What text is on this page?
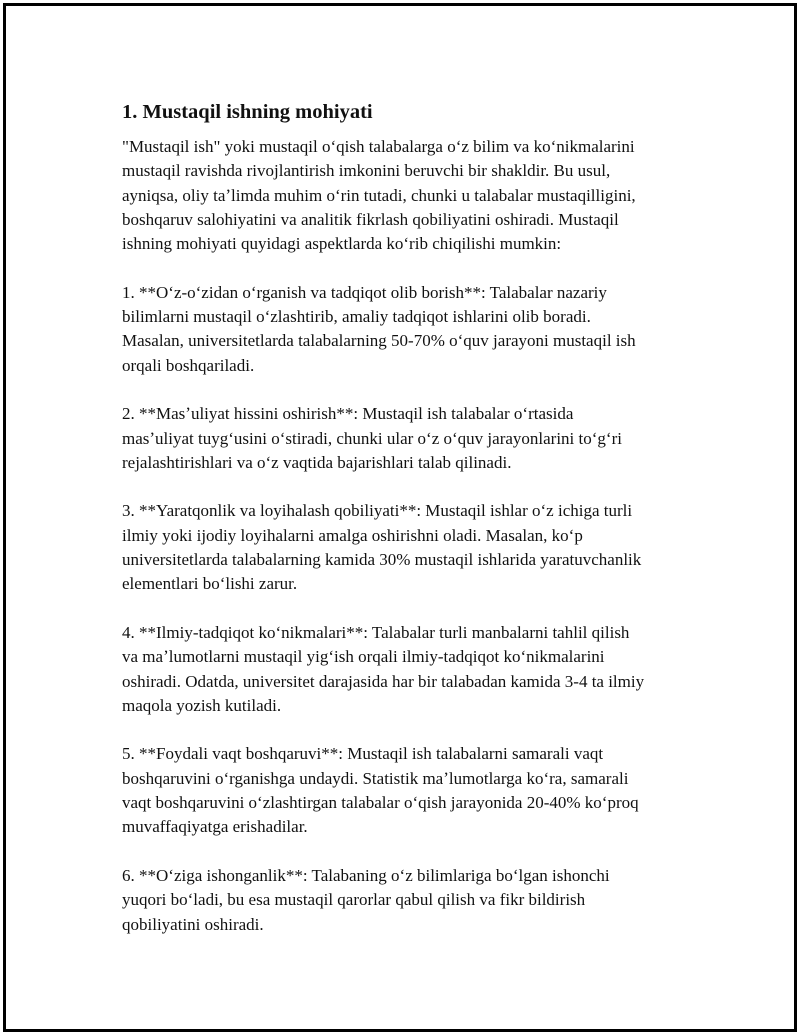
1. Mustaqil ishning mohiyati

"Mustaqil ish" yoki mustaqil oʻqish talabalarga oʻz bilim va koʻnikmalarini
mustaqil ravishda rivojlantirish imkonini beruvchi bir shakldir. Bu usul,
ayniqsa, oliy taʼlimda muhim oʻrin tutadi, chunki u talabalar mustaqilligini,
boshqaruv salohiyatini va analitik fikrlash qobiliyatini oshiradi. Mustaqil
ishning mohiyati quyidagi aspektlarda koʻrib chiqilishi mumkin:

1. **Oʻz-oʻzidan oʻrganish va tadqiqot olib borish**: Talabalar nazariy
bilimlarni mustaqil oʻzlashtirib, amaliy tadqiqot ishlarini olib boradi.
Masalan, universitetlarda talabalarning 50-70% oʻquv jarayoni mustaqil ish
orqali boshqariladi.

2. **Masʼuliyat hissini oshirish**: Mustaqil ish talabalar oʻrtasida
masʼuliyat tuygʻusini oʻstiradi, chunki ular oʻz oʻquv jarayonlarini toʻgʻri
rejalashtirishlari va oʻz vaqtida bajarishlari talab qilinadi.

3. **Yaratqonlik va loyihalash qobiliyati**: Mustaqil ishlar oʻz ichiga turli
ilmiy yoki ijodiy loyihalarni amalga oshirishni oladi. Masalan, koʻp
universitetlarda talabalarning kamida 30% mustaqil ishlarida yaratuvchanlik
elementlari boʻlishi zarur.

4. **Ilmiy-tadqiqot koʻnikmalari**: Talabalar turli manbalarni tahlil qilish
va maʼlumotlarni mustaqil yigʻish orqali ilmiy-tadqiqot koʻnikmalarini
oshiradi. Odatda, universitet darajasida har bir talabadan kamida 3-4 ta ilmiy
maqola yozish kutiladi.

5. **Foydali vaqt boshqaruvi**: Mustaqil ish talabalarni samarali vaqt
boshqaruvini oʻrganishga undaydi. Statistik maʼlumotlarga koʻra, samarali
vaqt boshqaruvini oʻzlashtirgan talabalar oʻqish jarayonida 20-40% koʻproq
muvaffaqiyatga erishadilar.

6. **Oʻziga ishonganlik**: Talabaning oʻz bilimlariga boʻlgan ishonchi
yuqori boʻladi, bu esa mustaqil qarorlar qabul qilish va fikr bildirish
qobiliyatini oshiradi.
